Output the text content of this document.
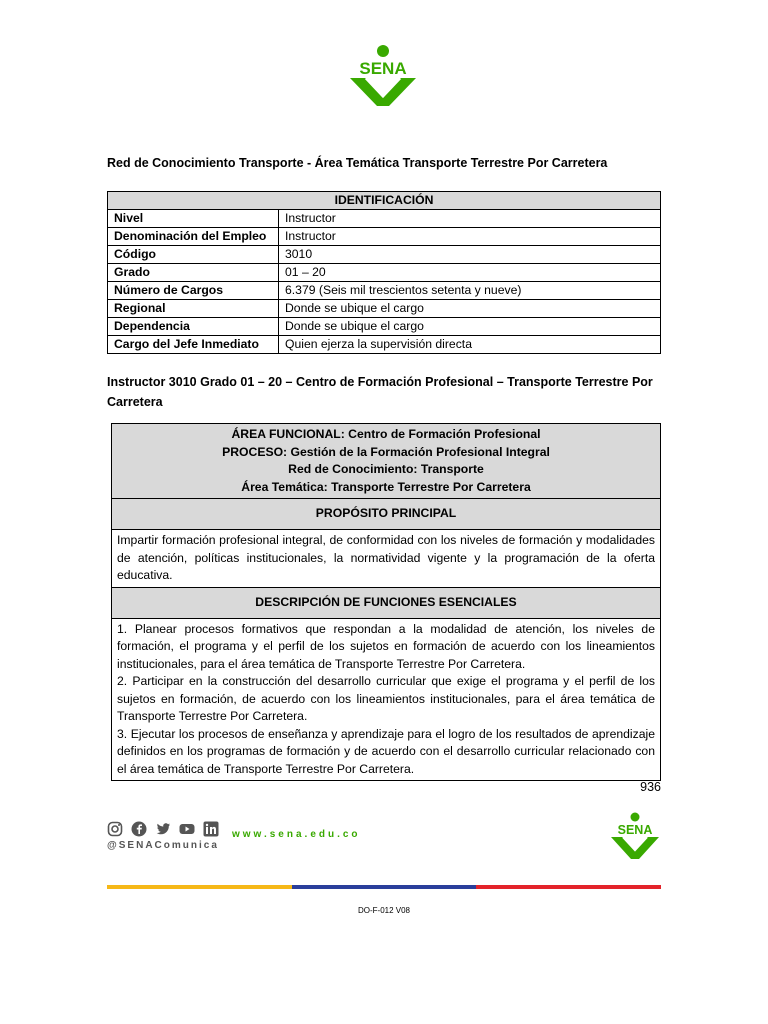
SENA
Red de Conocimiento Transporte - Área Temática Transporte Terrestre Por Carretera
IDENTIFICACIÓN	
Nivel	Instructor
Denominación del Empleo	Instructor
Código	3010
Grado	01 – 20
Número de Cargos	6.379 (Seis mil trescientos setenta y nueve)
Regional	Donde se ubique el cargo
Dependencia	Donde se ubique el cargo
Cargo del Jefe Inmediato	Quien ejerza la supervisión directa
Instructor 3010 Grado 01 – 20 – Centro de Formación Profesional – Transporte Terrestre Por Carretera
ÁREA FUNCIONAL: Centro de Formación Profesional
PROCESO: Gestión de la Formación Profesional Integral
Red de Conocimiento: Transporte
Área Temática: Transporte Terrestre Por Carretera

PROPÓSITO PRINCIPAL
Impartir formación profesional integral, de conformidad con los niveles de formación y modalidades de atención, políticas institucionales, la normatividad vigente y la programación de la oferta educativa.
DESCRIPCIÓN DE FUNCIONES ESENCIALES

1. Planear procesos formativos que respondan a la modalidad de atención, los niveles de formación, el programa y el perfil de los sujetos en formación de acuerdo con los lineamientos institucionales, para el área temática de Transporte Terrestre Por Carretera.
2. Participar en la construcción del desarrollo curricular que exige el programa y el perfil de los sujetos en formación, de acuerdo con los lineamientos institucionales, para el área temática de Transporte Terrestre Por Carretera.
3. Ejecutar los procesos de enseñanza y aprendizaje para el logro de los resultados de aprendizaje definidos en los programas de formación y de acuerdo con el desarrollo curricular relacionado con el área temática de Transporte Terrestre Por Carretera.
936
@SENAComunica
www.sena.edu.co	SENA
DO-F-012 V08
